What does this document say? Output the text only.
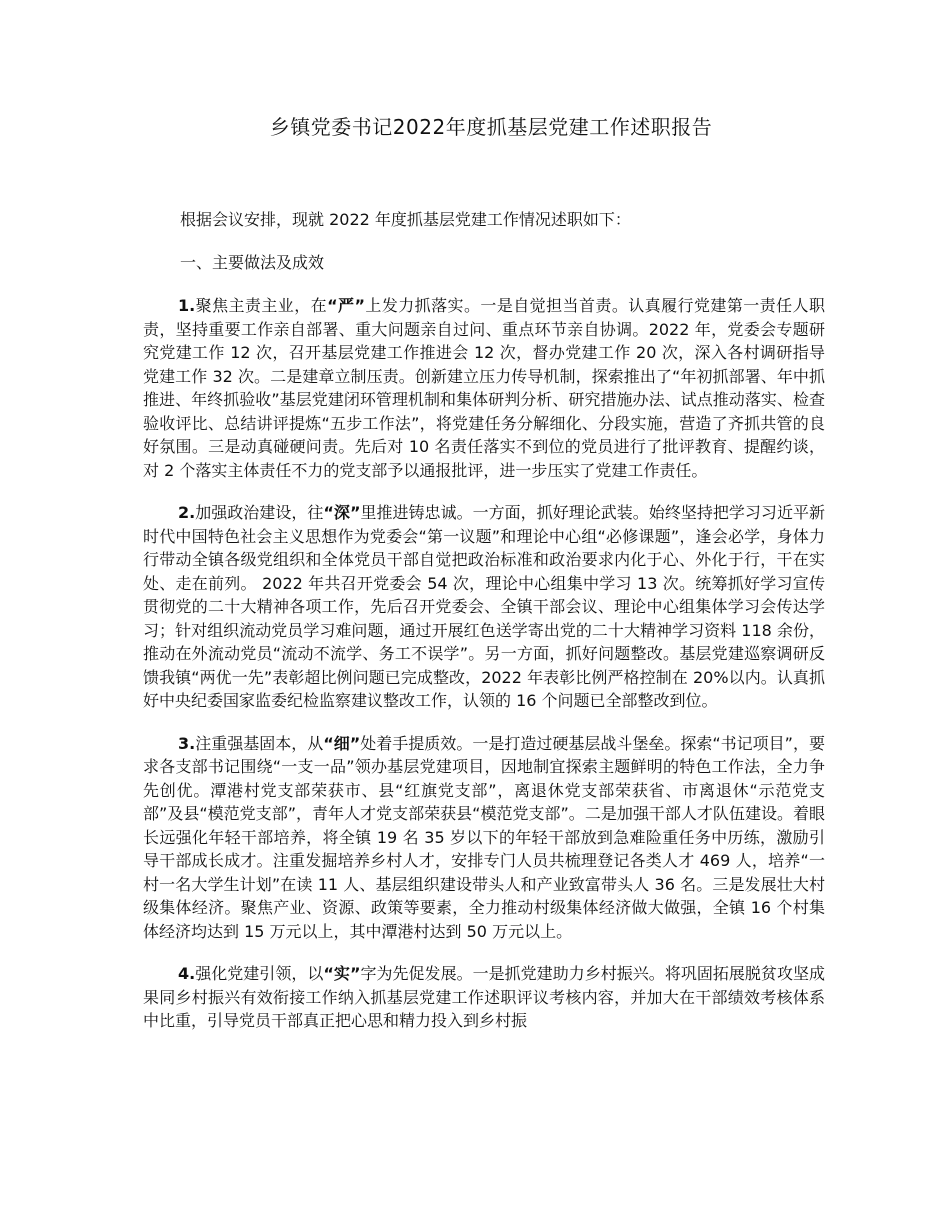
乡镇党委书记2022年度抓基层党建工作述职报告

根据会议安排，现就 2022 年度抓基层党建工作情况述职如下：

一、主要做法及成效

1.聚焦主责主业，在“严”上发力抓落实。一是自觉担当首责。认真履行党建第一责任人职责，坚持重要工作亲自部署、重大问题亲自过问、重点环节亲自协调。2022 年，党委会专题研究党建工作 12 次，召开基层党建工作推进会 12 次，督办党建工作 20 次，深入各村调研指导党建工作 32 次。二是建章立制压责。创新建立压力传导机制，探索推出了“年初抓部署、年中抓推进、年终抓验收”基层党建闭环管理机制和集体研判分析、研究措施办法、试点推动落实、检查验收评比、总结讲评提炼“五步工作法”，将党建任务分解细化、分段实施，营造了齐抓共管的良好氛围。三是动真碰硬问责。先后对 10 名责任落实不到位的党员进行了批评教育、提醒约谈，对 2 个落实主体责任不力的党支部予以通报批评，进一步压实了党建工作责任。

2.加强政治建设，往“深”里推进铸忠诚。一方面，抓好理论武装。始终坚持把学习习近平新时代中国特色社会主义思想作为党委会“第一议题”和理论中心组“必修课题”，逢会必学，身体力行带动全镇各级党组织和全体党员干部自觉把政治标准和政治要求内化于心、外化于行，干在实处、走在前列。 2022 年共召开党委会 54 次，理论中心组集中学习 13 次。统筹抓好学习宣传贯彻党的二十大精神各项工作，先后召开党委会、全镇干部会议、理论中心组集体学习会传达学习；针对组织流动党员学习难问题，通过开展红色送学寄出党的二十大精神学习资料 118 余份，推动在外流动党员“流动不流学、务工不误学”。另一方面，抓好问题整改。基层党建巡察调研反馈我镇“两优一先”表彰超比例问题已完成整改，2022 年表彰比例严格控制在 20%以内。认真抓好中央纪委国家监委纪检监察建议整改工作，认领的 16 个问题已全部整改到位。

3.注重强基固本，从“细”处着手提质效。一是打造过硬基层战斗堡垒。探索“书记项目”，要求各支部书记围绕“一支一品”领办基层党建项目，因地制宜探索主题鲜明的特色工作法，全力争先创优。潭港村党支部荣获市、县“红旗党支部”，离退休党支部荣获省、市离退休“示范党支部”及县“模范党支部”，青年人才党支部荣获县“模范党支部”。二是加强干部人才队伍建设。着眼长远强化年轻干部培养，将全镇 19 名 35 岁以下的年轻干部放到急难险重任务中历练，激励引导干部成长成才。注重发掘培养乡村人才，安排专门人员共梳理登记各类人才 469 人，培养“一村一名大学生计划”在读 11 人、基层组织建设带头人和产业致富带头人 36 名。三是发展壮大村级集体经济。聚焦产业、资源、政策等要素，全力推动村级集体经济做大做强，全镇 16 个村集体经济均达到 15 万元以上，其中潭港村达到 50 万元以上。

4.强化党建引领，以“实”字为先促发展。一是抓党建助力乡村振兴。将巩固拓展脱贫攻坚成果同乡村振兴有效衔接工作纳入抓基层党建工作述职评议考核内容，并加大在干部绩效考核体系中比重，引导党员干部真正把心思和精力投入到乡村振
